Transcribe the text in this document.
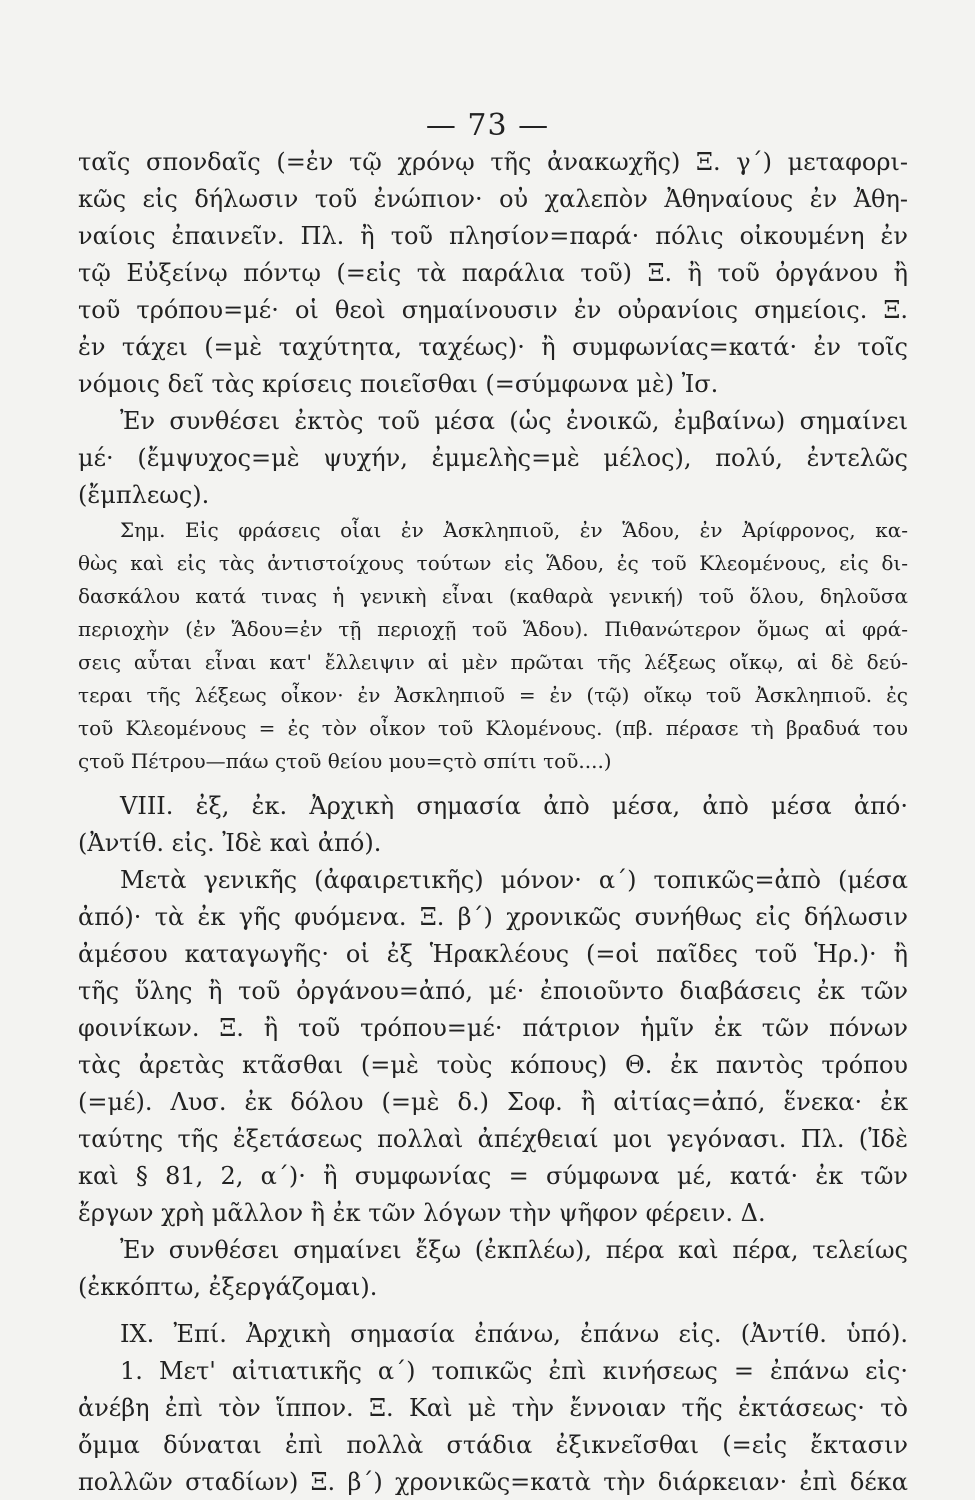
— 73 —
ταῖς σπονδαῖς (=ἐν τῷ χρόνῳ τῆς ἀνακωχῆς) Ξ. γ΄) μεταφορι-
κῶς εἰς δήλωσιν τοῦ ἐνώπιον· οὐ χαλεπὸν Ἀθηναίους ἐν Ἀθη-
ναίοις ἐπαινεῖν. Πλ. ἢ τοῦ πλησίον=παρά· πόλις οἰκουμένη ἐν
τῷ Εὐξείνῳ πόντῳ (=εἰς τὰ παράλια τοῦ) Ξ. ἢ τοῦ ὀργάνου ἢ
τοῦ τρόπου=μέ· οἱ θεοὶ σημαίνουσιν ἐν οὐρανίοις σημείοις. Ξ.
ἐν τάχει (=μὲ ταχύτητα, ταχέως)· ἢ συμφωνίας=κατά· ἐν τοῖς
νόμοις δεῖ τὰς κρίσεις ποιεῖσθαι (=σύμφωνα μὲ) Ἰσ.
Ἐν συνθέσει ἐκτὸς τοῦ μέσα (ὡς ἐνοικῶ, ἐμβαίνω) σημαίνει
μέ· (ἔμψυχος=μὲ ψυχήν, ἐμμελὴς=μὲ μέλος), πολύ, ἐντελῶς
(ἔμπλεως).
Σημ. Εἰς φράσεις οἷαι ἐν Ἀσκληπιοῦ, ἐν Ἅδου, ἐν Ἀρίφρονος, κα-
θὼς καὶ εἰς τὰς ἀντιστοίχους τούτων εἰς Ἅδου, ἐς τοῦ Κλεομένους, εἰς δι-
δασκάλου κατά τινας ἡ γενικὴ εἶναι (καθαρὰ γενική) τοῦ ὅλου, δηλοῦσα
περιοχὴν (ἐν Ἅδου=ἐν τῇ περιοχῇ τοῦ Ἅδου). Πιθανώτερον ὅμως αἱ φρά-
σεις αὗται εἶναι κατ' ἔλλειψιν αἱ μὲν πρῶται τῆς λέξεως οἴκῳ, αἱ δὲ δεύ-
τεραι τῆς λέξεως οἶκον· ἐν Ἀσκληπιοῦ = ἐν (τῷ) οἴκῳ τοῦ Ἀσκληπιοῦ. ἐς
τοῦ Κλεομένους = ἐς τὸν οἶκον τοῦ Κλομένους. (πβ. πέρασε τὴ βραδυά του
ςτοῦ Πέτρου—πάω ςτοῦ θείου μου=ςτὸ σπίτι τοῦ....)
VIII. ἐξ, ἐκ. Ἀρχικὴ σημασία ἀπὸ μέσα, ἀπὸ μέσα ἀπό·
(Ἀντίθ. εἰς. Ἰδὲ καὶ ἀπό).
Μετὰ γενικῆς (ἀφαιρετικῆς) μόνον· α΄) τοπικῶς=ἀπὸ (μέσα
ἀπό)· τὰ ἐκ γῆς φυόμενα. Ξ. β΄) χρονικῶς συνήθως εἰς δήλωσιν
ἀμέσου καταγωγῆς· οἱ ἐξ Ἡρακλέους (=οἱ παῖδες τοῦ Ἡρ.)· ἢ
τῆς ὕλης ἢ τοῦ ὀργάνου=ἀπό, μέ· ἐποιοῦντο διαβάσεις ἐκ τῶν
φοινίκων. Ξ. ἢ τοῦ τρόπου=μέ· πάτριον ἡμῖν ἐκ τῶν πόνων
τὰς ἀρετὰς κτᾶσθαι (=μὲ τοὺς κόπους) Θ. ἐκ παντὸς τρόπου
(=μέ). Λυσ. ἐκ δόλου (=μὲ δ.) Σοφ. ἢ αἰτίας=ἀπό, ἕνεκα· ἐκ
ταύτης τῆς ἐξετάσεως πολλαὶ ἀπέχθειαί μοι γεγόνασι. Πλ. (Ἰδὲ
καὶ § 81, 2, α΄)· ἢ συμφωνίας = σύμφωνα μέ, κατά· ἐκ τῶν
ἔργων χρὴ μᾶλλον ἢ ἐκ τῶν λόγων τὴν ψῆφον φέρειν. Δ.
Ἐν συνθέσει σημαίνει ἔξω (ἐκπλέω), πέρα καὶ πέρα, τελείως
(ἐκκόπτω, ἐξεργάζομαι).
IX. Ἐπί. Ἀρχικὴ σημασία ἐπάνω, ἐπάνω εἰς. (Ἀντίθ. ὑπό).
1. Μετ' αἰτιατικῆς α΄) τοπικῶς ἐπὶ κινήσεως = ἐπάνω εἰς·
ἀνέβη ἐπὶ τὸν ἵππον. Ξ. Καὶ μὲ τὴν ἔννοιαν τῆς ἐκτάσεως· τὸ
ὄμμα δύναται ἐπὶ πολλὰ στάδια ἐξικνεῖσθαι (=εἰς ἔκτασιν
πολλῶν σταδίων) Ξ. β΄) χρονικῶς=κατὰ τὴν διάρκειαν· ἐπὶ δέκα
